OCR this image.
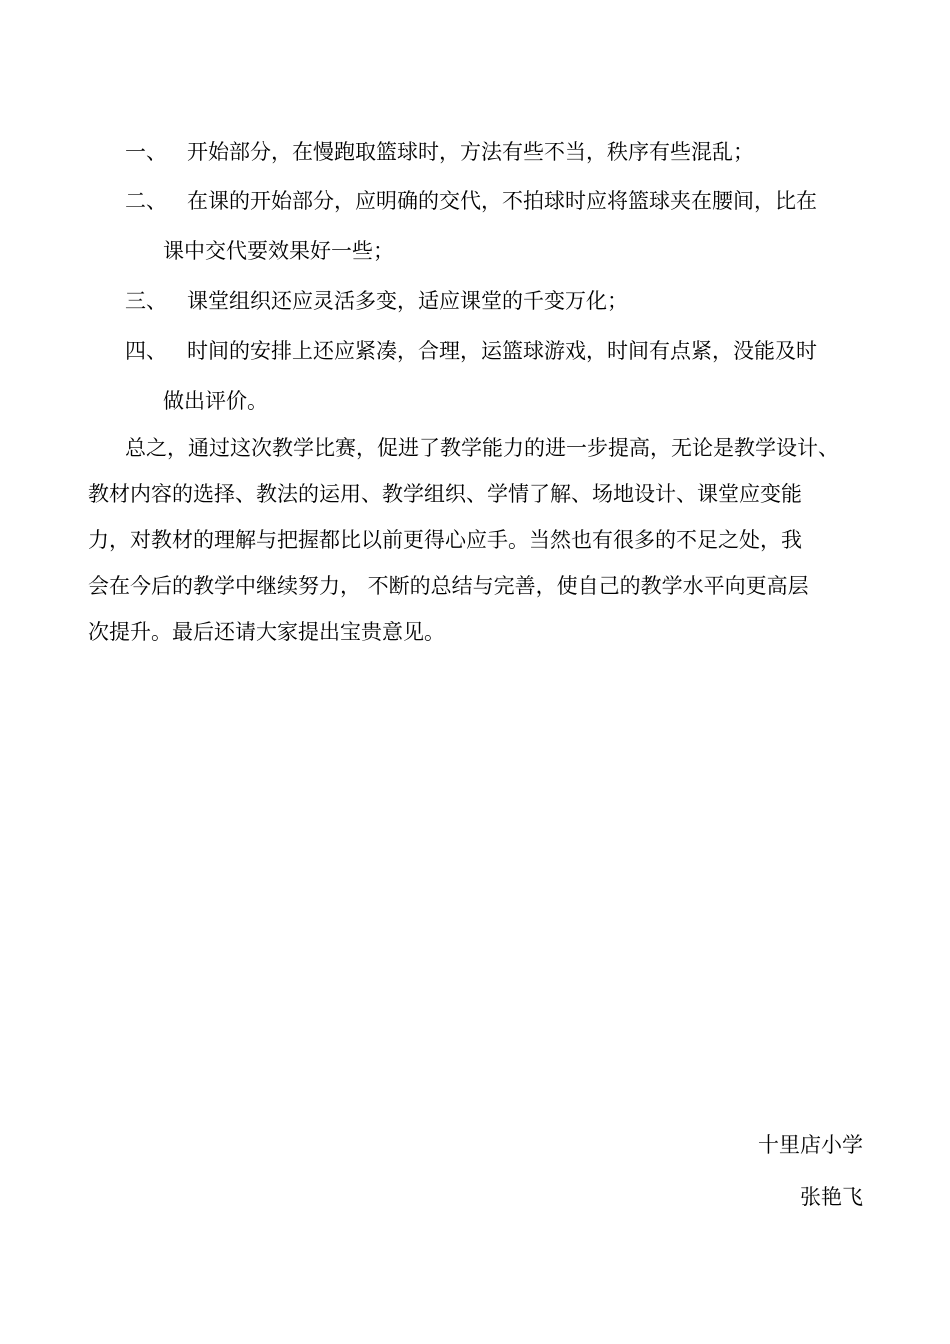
一、 开始部分，在慢跑取篮球时，方法有些不当，秩序有些混乱；
二、 在课的开始部分，应明确的交代，不拍球时应将篮球夹在腰间，比在
课中交代要效果好一些；
三、 课堂组织还应灵活多变，适应课堂的千变万化；
四、 时间的安排上还应紧凑，合理，运篮球游戏，时间有点紧，没能及时
做出评价。
总之，通过这次教学比赛，促进了教学能力的进一步提高，无论是教学设计、
教材内容的选择、教法的运用、教学组织、学情了解、场地设计、课堂应变能
力，对教材的理解与把握都比以前更得心应手。当然也有很多的不足之处，我
会在今后的教学中继续努力， 不断的总结与完善，使自己的教学水平向更高层
次提升。最后还请大家提出宝贵意见。
十里店小学
张艳飞
